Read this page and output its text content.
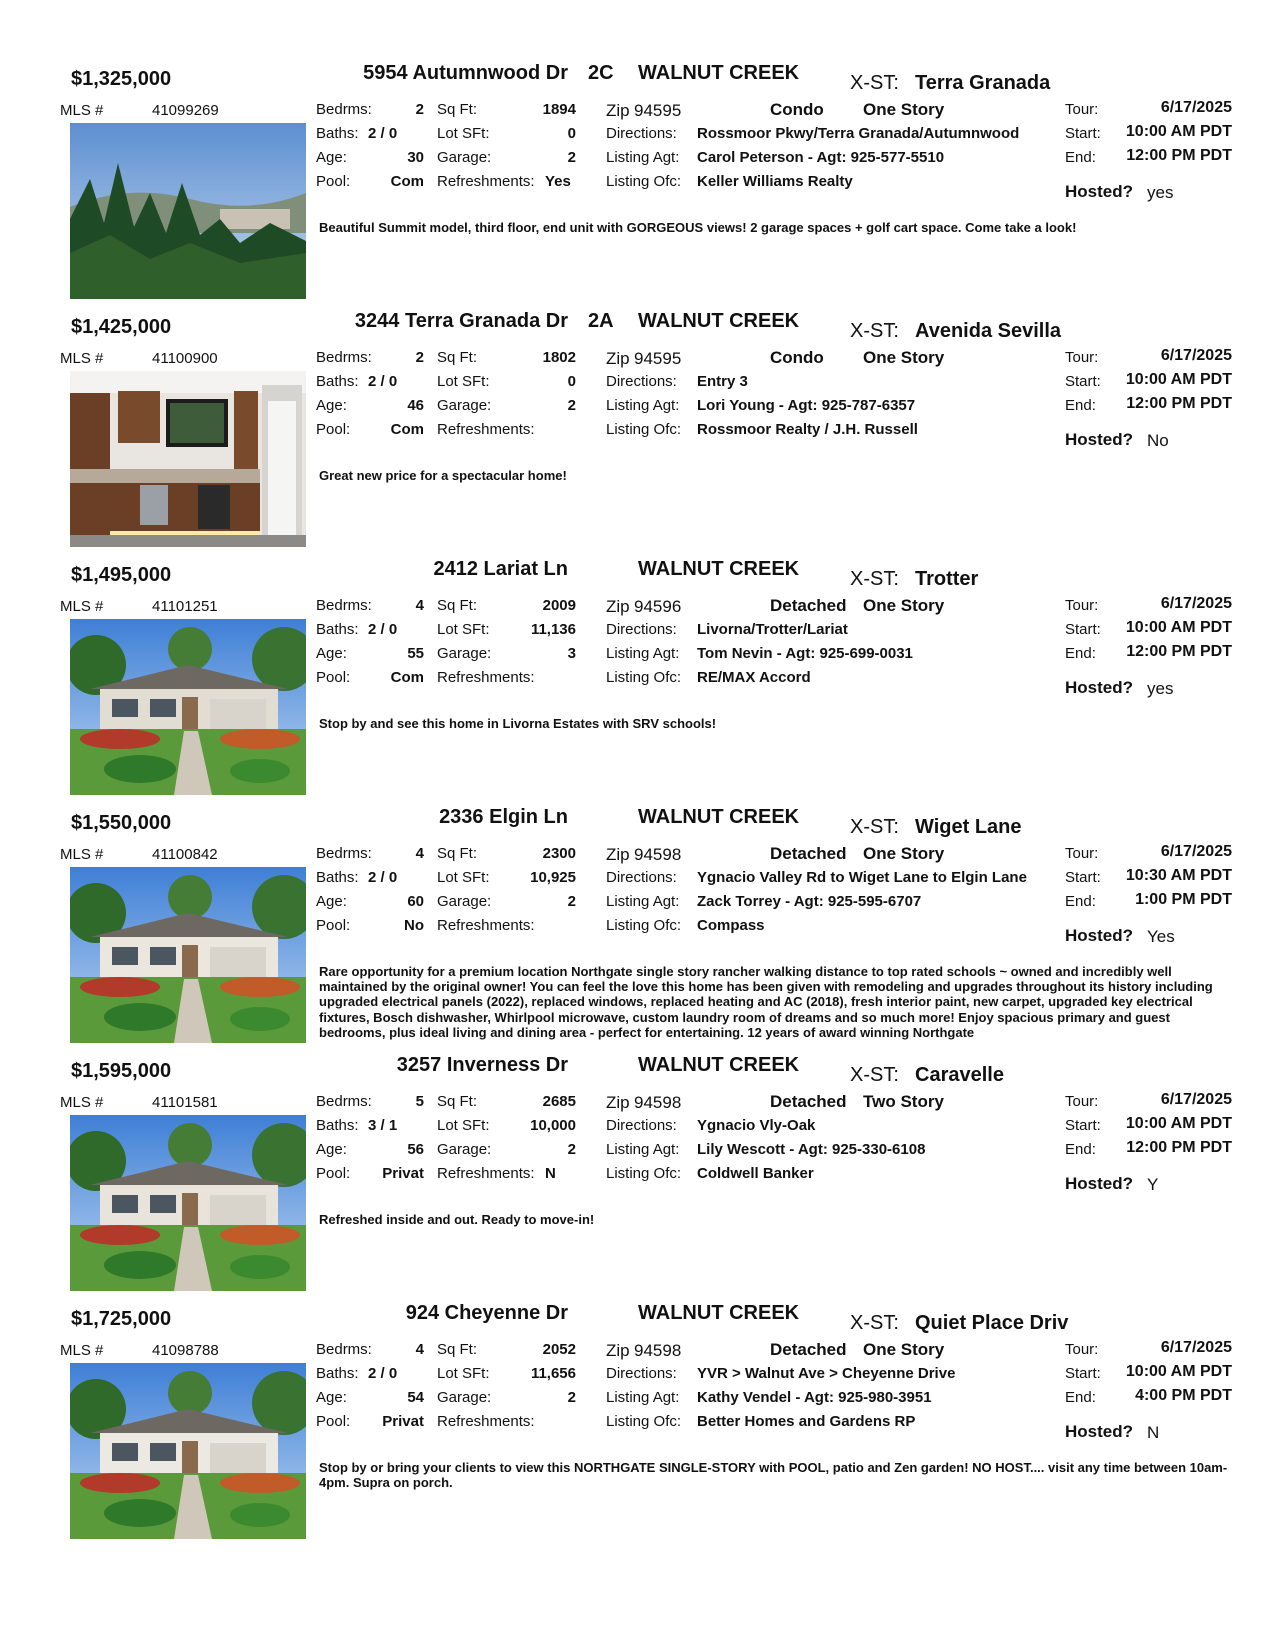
$1,325,000	5954 Autumnwood Dr 2C WALNUT CREEK	X-ST: Terra Granada
MLS #	41099269	Bedrms:	2
Baths: 2 / 0
Age:	30
Pool:	Com
Sq Ft:	1894
Lot SFt:	0
Garage:	2
Refreshments: Yes
Zip 94595	Condo One Story
Directions: Rossmoor Pkwy/Terra Granada/Autumnwood
Listing Agt: Carol Peterson - Agt: 925-577-5510
Listing Ofc: Keller Williams Realty
Tour:	6/17/2025
Start:	10:00 AM PDT
End:	12:00 PM PDT
Hosted? yes
Beautiful Summit model, third floor, end unit with GORGEOUS views! 2 garage spaces + golf cart space. Come take a look!
$1,425,000	3244 Terra Granada Dr 2A WALNUT CREEK	X-ST: Avenida Sevilla
MLS #	41100900	Bedrms:	2
Baths: 2 / 0
Age:	46
Pool:	Com
Sq Ft:	1802
Lot SFt:	0
Garage:	2
Refreshments:
Zip 94595	Condo One Story
Directions: Entry 3
Listing Agt: Lori Young - Agt: 925-787-6357
Listing Ofc: Rossmoor Realty / J.H. Russell
Tour:	6/17/2025
Start:	10:00 AM PDT
End:	12:00 PM PDT
Hosted? No
Great new price for a spectacular home!
$1,495,000	2412 Lariat Ln	WALNUT CREEK	X-ST: Trotter
MLS #	41101251	Bedrms:	4
Baths: 2 / 0
Age:	55
Pool:	Com
Sq Ft:	2009
Lot SFt:	11,136
Garage:	3
Refreshments:
Zip 94596	Detached One Story
Directions: Livorna/Trotter/Lariat
Listing Agt: Tom Nevin - Agt: 925-699-0031
Listing Ofc: RE/MAX Accord
Tour:	6/17/2025
Start:	10:00 AM PDT
End:	12:00 PM PDT
Hosted? yes
Stop by and see this home in Livorna Estates with SRV schools!
$1,550,000	2336 Elgin Ln	WALNUT CREEK	X-ST: Wiget Lane
MLS #	41100842	Bedrms:	4
Baths: 2 / 0
Age:	60
Pool:	No
Sq Ft:	2300
Lot SFt:	10,925
Garage:	2
Refreshments:
Zip 94598	Detached One Story
Directions: Ygnacio Valley Rd to Wiget Lane to Elgin Lane
Listing Agt: Zack Torrey - Agt: 925-595-6707
Listing Ofc: Compass
Tour:	6/17/2025
Start:	10:30 AM PDT
End:	1:00 PM PDT
Hosted? Yes
Rare opportunity for a premium location Northgate single story rancher walking distance to top rated schools ~ owned and incredibly well maintained by the original owner! You can feel the love this home has been given with remodeling and upgrades throughout its history including upgraded electrical panels (2022), replaced windows, replaced heating and AC (2018), fresh interior paint, new carpet, upgraded key electrical fixtures, Bosch dishwasher, Whirlpool microwave, custom laundry room of dreams and so much more! Enjoy spacious primary and guest bedrooms, plus ideal living and dining area - perfect for entertaining. 12 years of award winning Northgate
$1,595,000	3257 Inverness Dr	WALNUT CREEK	X-ST: Caravelle
MLS #	41101581	Bedrms:	5
Baths: 3 / 1
Age:	56
Pool:	Privat
Sq Ft:	2685
Lot SFt:	10,000
Garage:	2
Refreshments: N
Zip 94598	Detached Two Story
Directions: Ygnacio Vly-Oak
Listing Agt: Lily Wescott - Agt: 925-330-6108
Listing Ofc: Coldwell Banker
Tour:	6/17/2025
Start:	10:00 AM PDT
End:	12:00 PM PDT
Hosted? Y
Refreshed inside and out. Ready to move-in!
$1,725,000	924 Cheyenne Dr	WALNUT CREEK	X-ST: Quiet Place Driv
MLS #	41098788	Bedrms:	4
Baths: 2 / 0
Age:	54
Pool:	Privat
Sq Ft:	2052
Lot SFt:	11,656
Garage:	2
Refreshments:
Zip 94598	Detached One Story
Directions: YVR > Walnut Ave > Cheyenne Drive
Listing Agt: Kathy Vendel - Agt: 925-980-3951
Listing Ofc: Better Homes and Gardens RP
Tour:	6/17/2025
Start:	10:00 AM PDT
End:	4:00 PM PDT
Hosted? N
Stop by or bring your clients to view this NORTHGATE SINGLE-STORY with POOL, patio and Zen garden! NO HOST.... visit any time between 10am-4pm. Supra on porch.
